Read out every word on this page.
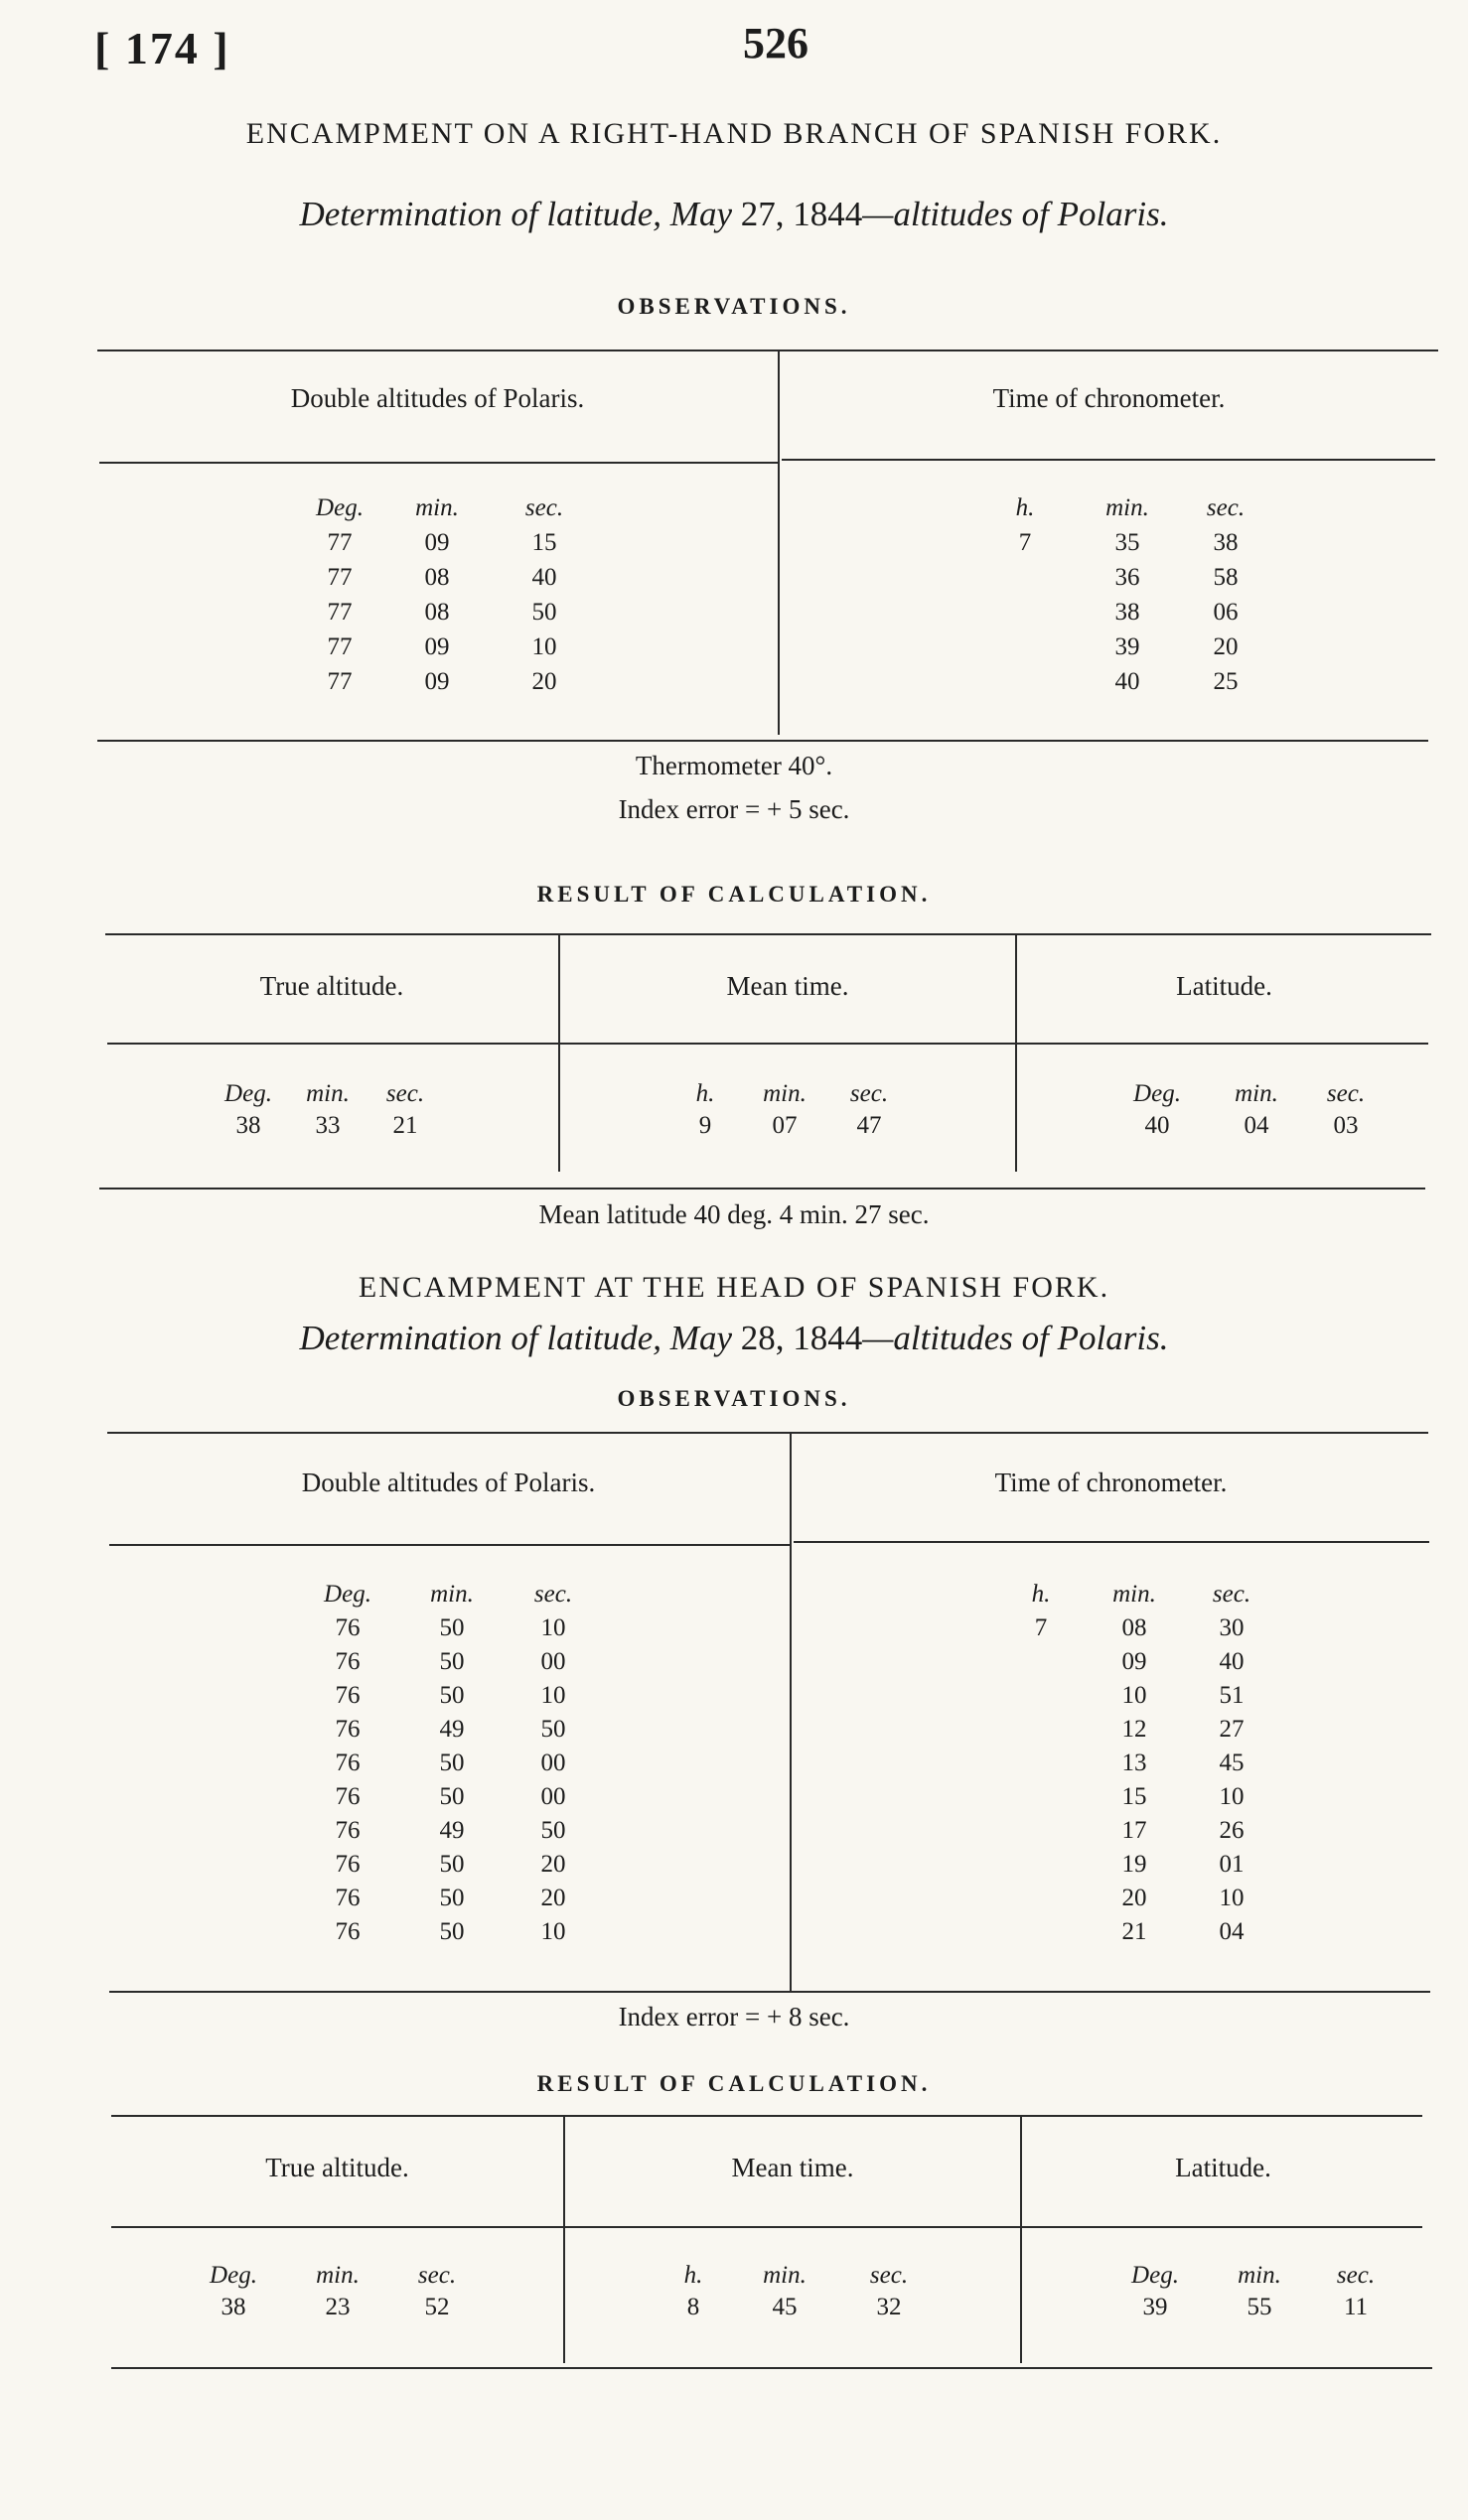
[ 174 ]	526
ENCAMPMENT ON A RIGHT-HAND BRANCH OF SPANISH FORK.
Determination of latitude, May 27, 1844—altitudes of Polaris.
OBSERVATIONS.
Double altitudes of Polaris.	Time of chronometer.
Deg.	min.	sec.
77	09	15
77	08	40
77	08	50
77	09	10
77	09	20
h.	min.	sec.
7	35	38
36	58
38	06
39	20
40	25
Thermometer 40°.
Index error = + 5 sec.
RESULT OF CALCULATION.
True altitude.	Mean time.	Latitude.
Deg.	min.	sec.
38	33	21
h.	min.	sec.
9	07	47
Deg.	min.	sec.
40	04	03
Mean latitude 40 deg. 4 min. 27 sec.
ENCAMPMENT AT THE HEAD OF SPANISH FORK.
Determination of latitude, May 28, 1844—altitudes of Polaris.
OBSERVATIONS.
Double altitudes of Polaris.	Time of chronometer.
Deg.	min.	sec.
76	50	10
76	50	00
76	50	10
76	49	50
76	50	00
76	50	00
76	49	50
76	50	20
76	50	20
76	50	10
h.	min.	sec.
7	08	30
09	40
10	51
12	27
13	45
15	10
17	26
19	01
20	10
21	04
Index error = + 8 sec.
RESULT OF CALCULATION.
True altitude.	Mean time.	Latitude.
Deg.	min.	sec.
38	23	52
h.	min.	sec.
8	45	32
Deg.	min.	sec.
39	55	11
